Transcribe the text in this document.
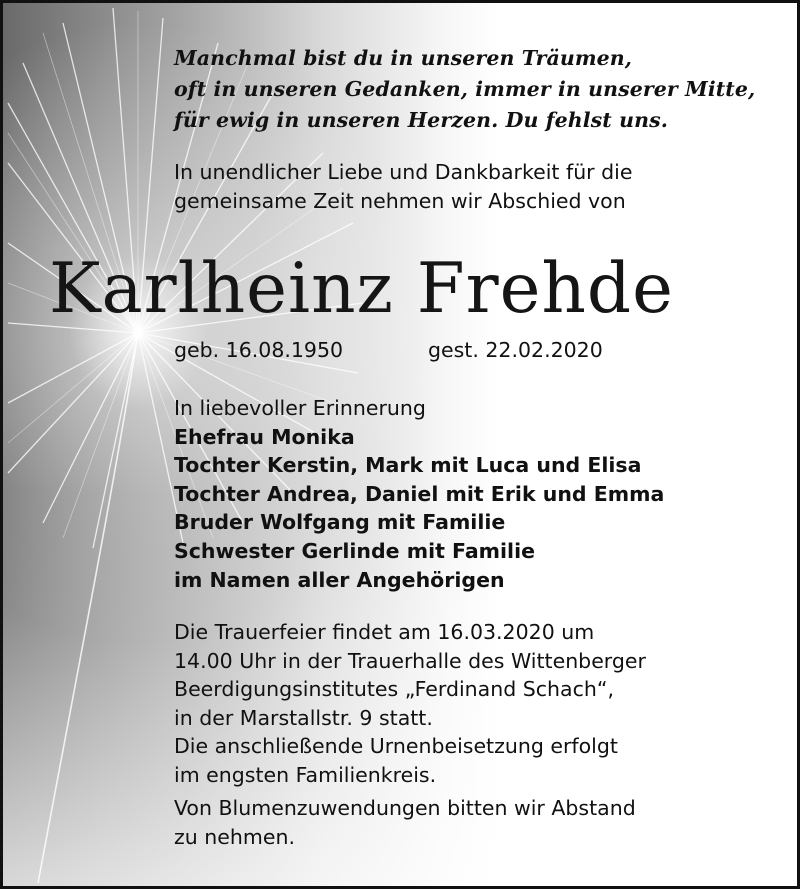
Manchmal bist du in unseren Träumen,
oft in unseren Gedanken, immer in unserer Mitte,
für ewig in unseren Herzen. Du fehlst uns.
In unendlicher Liebe und Dankbarkeit für die
gemeinsame Zeit nehmen wir Abschied von
Karlheinz Frehde
geb. 16.08.1950	gest. 22.02.2020
In liebevoller Erinnerung
Ehefrau Monika
Tochter Kerstin, Mark mit Luca und Elisa
Tochter Andrea, Daniel mit Erik und Emma
Bruder Wolfgang mit Familie
Schwester Gerlinde mit Familie
im Namen aller Angehörigen
Die Trauerfeier findet am 16.03.2020 um
14.00 Uhr in der Trauerhalle des Wittenberger
Beerdigungsinstitutes „Ferdinand Schach“,
in der Marstallstr. 9 statt.
Die anschließende Urnenbeisetzung erfolgt
im engsten Familienkreis.
Von Blumenzuwendungen bitten wir Abstand
zu nehmen.
